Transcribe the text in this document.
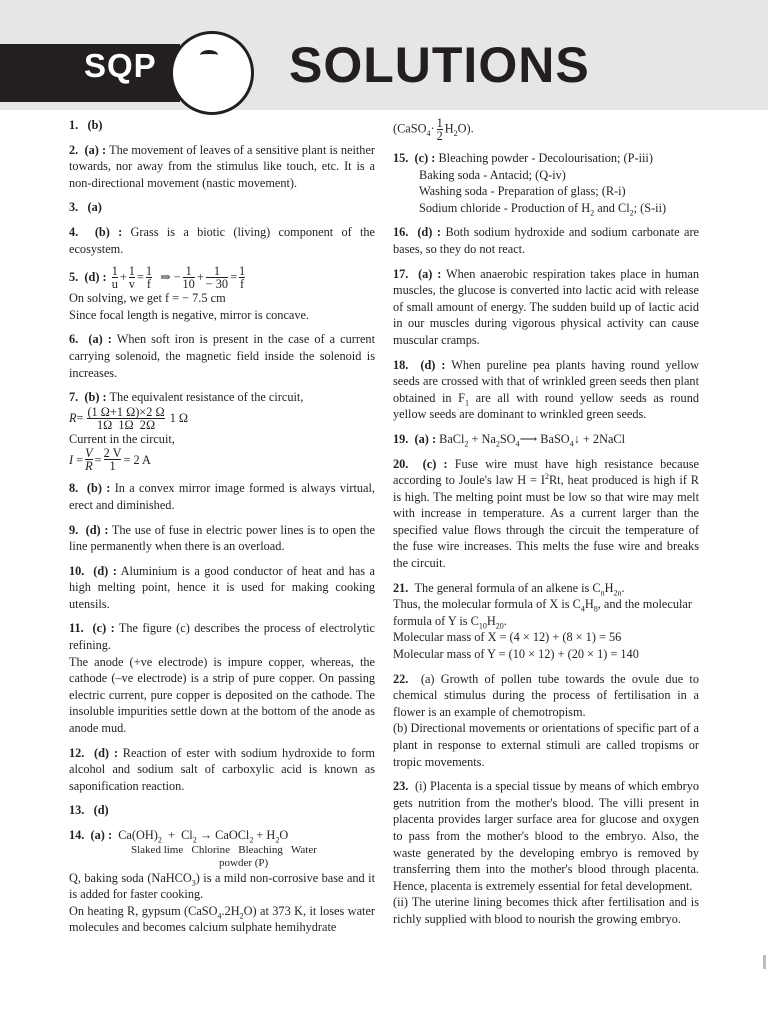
SQP	SOLUTIONS
1. (b)
2. (a) : The movement of leaves of a sensitive plant is neither towards, nor away from the stimulus like touch, etc. It is a non-directional movement (nastic movement).
3. (a)
4. (b) : Grass is a biotic (living) component of the ecosystem.
5.
(d)
:
$\frac{1}{u} + \frac{1}{v} = \frac{1}{f}$
⇒
− $\frac{1}{10} + \frac{1}{- 30} = \frac{1}{f}$
On solving, we get f = − 7.5 cm
Since focal length is negative, mirror is concave.
6. (a) : When soft iron is present in the case of a current carrying solenoid, the magnetic field inside the solenoid is increases.
7. (b) : The equivalent resistance of the circuit,
$R = \frac{(1 \Omega+1 \Omega)\times 2 \Omega}{1\Omega 1\Omega 2\Omega}$
1 Ω
Current in the circuit,
I
= $\frac{V}{R} = \frac{2 V}{1} = 2$ A
8. (b) : In a convex mirror image formed is always virtual, erect and diminished.
9. (d) : The use of fuse in electric power lines is to open the line permanently when there is an overload.
10. (d) : Aluminium is a good conductor of heat and has a high melting point, hence it is used for making cooking utensils.
11. (c) : The figure (c) describes the process of electrolytic refining.
The anode (+ve electrode) is impure copper, whereas, the cathode (–ve electrode) is a strip of pure copper. On passing electric current, pure copper is deposited on the cathode. The insoluble impurities settle down at the bottom of the anode as anode mud.
12. (d) : Reaction of ester with sodium hydroxide to form alcohol and sodium salt of carboxylic acid is known as saponification reaction.
13. (d)
14. (a) : $Ca(OH)_2 + Cl_2$ → CaOCl$_2$ + $H_2O$
Slaked lime Chlorine Bleaching Water
powder (P)
Q, baking soda (NaHCO$_3$) is a mild non-corrosive base and it is added for faster cooking.
On heating R, gypsum $(CaSO_4.2H_2O)$ at 373 K, it loses water molecules and becomes calcium sulphate hemihydrate
(CaSO$_4$· $\frac{1}{2} H_2O$).
15. (c) : Bleaching powder - Decolourisation; (P-iii)
Baking soda - Antacid; (Q-iv)
Washing soda - Preparation of glass; (R-i)
Sodium chloride - Production of $H_2$ and $Cl_2$; (S-ii)
16. (d) : Both sodium hydroxide and sodium carbonate are bases, so they do not react.
17. (a) : When anaerobic respiration takes place in human muscles, the glucose is converted into lactic acid with release of small amount of energy. The sudden build up of lactic acid in our muscles during vigorous physical activity can cause muscular cramps.
18. (d) : When pureline pea plants having round yellow seeds are crossed with that of wrinkled green seeds then plant obtained in $F_1$ are all with round yellow seeds as round yellow seeds are dominant to wrinkled green seeds.
19. (a) : BaCl$_2$ + $Na_2SO_4⟶$ BaSO$_4$↓ + 2NaCl
20. (c) : Fuse wire must have high resistance because according to Joule's law $H = I^2Rt$, heat produced is high if R is high. The melting point must be low so that wire may melt with increase in temperature. As a current larger than the specified value flows through the circuit the temperature of the fuse wire increases. This melts the fuse wire and breaks the circuit.
21. The general formula of an alkene is $C_nH_{2n}$.
Thus, the molecular formula of X is $C_4H_8$, and the molecular formula of Y is $C_{10}H_{20}$.
Molecular mass of X = (4 × 12) + (8 × 1) = 56
Molecular mass of Y = (10 × 12) + (20 × 1) = 140
22. (a) Growth of pollen tube towards the ovule due to chemical stimulus during the process of fertilisation in a flower is an example of chemotropism.
(b) Directional movements or orientations of specific part of a plant in response to external stimuli are called tropisms or tropic movements.
23. (i) Placenta is a special tissue by means of which embryo gets nutrition from the mother's blood. The villi present in placenta provides larger surface area for glucose and oxygen to pass from the mother's blood to the embryo. Also, the waste generated by the developing embryo is removed by transferring them into the mother's blood through placenta. Hence, placenta is extremely essential for fetal development.
(ii) The uterine lining becomes thick after fertilisation and is richly supplied with blood to nourish the growing embryo.
